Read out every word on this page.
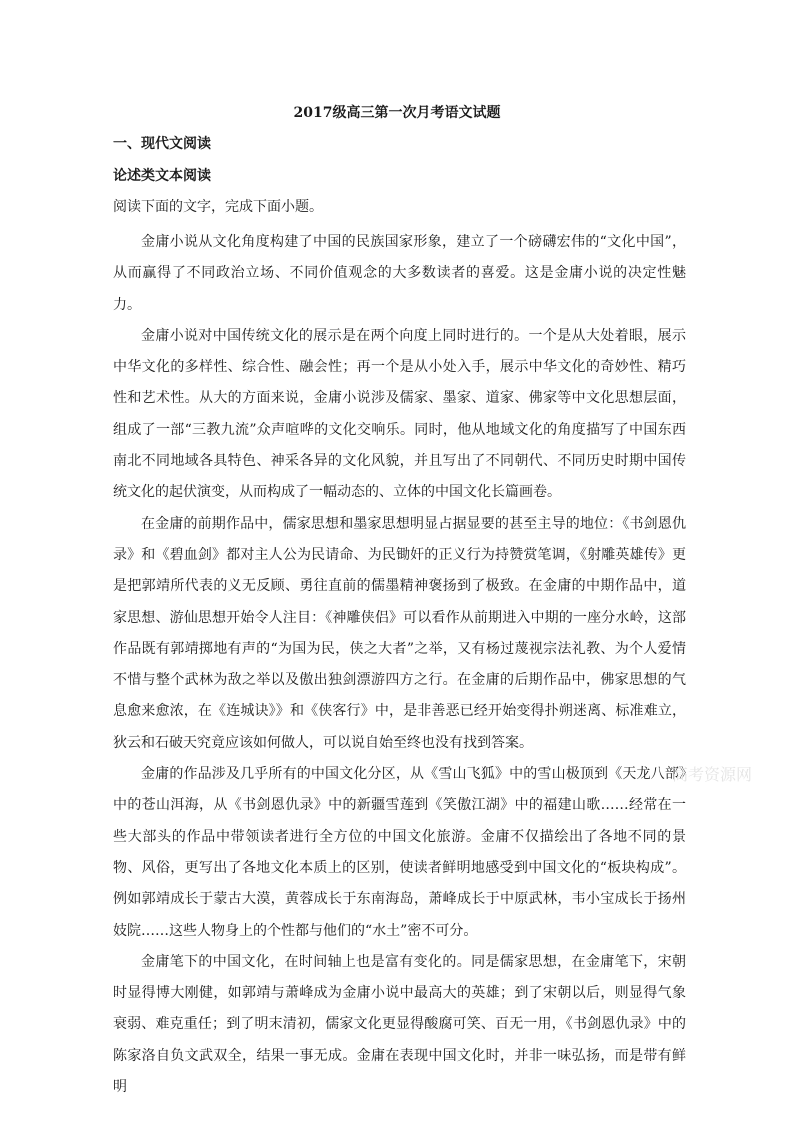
2017级高三第一次月考语文试题
一、现代文阅读
论述类文本阅读
阅读下面的文字，完成下面小题。

金庸小说从文化角度构建了中国的民族国家形象，建立了一个磅礴宏伟的“文化中国”，从而赢得了不同政治立场、不同价值观念的大多数读者的喜爱。这是金庸小说的决定性魅力。

金庸小说对中国传统文化的展示是在两个向度上同时进行的。一个是从大处着眼，展示中华文化的多样性、综合性、融会性；再一个是从小处入手，展示中华文化的奇妙性、精巧性和艺术性。从大的方面来说，金庸小说涉及儒家、墨家、道家、佛家等中文化思想层面，组成了一部“三教九流”众声喧哗的文化交响乐。同时，他从地域文化的角度描写了中国东西南北不同地域各具特色、神采各异的文化风貌，并且写出了不同朝代、不同历史时期中国传统文化的起伏演变，从而构成了一幅动态的、立体的中国文化长篇画卷。

在金庸的前期作品中，儒家思想和墨家思想明显占据显要的甚至主导的地位：《书剑恩仇录》和《碧血剑》都对主人公为民请命、为民锄奸的正义行为持赞赏笔调，《射雕英雄传》更是把郭靖所代表的义无反顾、勇往直前的儒墨精神褒扬到了极致。在金庸的中期作品中，道家思想、游仙思想开始令人注目：《神雕侠侣》可以看作从前期进入中期的一座分水岭，这部作品既有郭靖掷地有声的“为国为民，侠之大者”之举，又有杨过蔑视宗法礼教、为个人爱情不惜与整个武林为敌之举以及傲出独剑漂游四方之行。在金庸的后期作品中，佛家思想的气息愈来愈浓，在《连城诀》》和《侠客行》中，是非善恶已经开始变得扑朔迷离、标准难立，狄云和石破天究竟应该如何做人，可以说自始至终也没有找到答案。

金庸的作品涉及几乎所有的中国文化分区，从《雪山飞狐》中的雪山极顶到《天龙八部》中的苍山洱海，从《书剑恩仇录》中的新疆雪莲到《笑傲江湖》中的福建山歌……经常在一些大部头的作品中带领读者进行全方位的中国文化旅游。金庸不仅描绘出了各地不同的景物、风俗，更写出了各地文化本质上的区别，使读者鲜明地感受到中国文化的“板块构成”。例如郭靖成长于蒙古大漠，黄蓉成长于东南海岛，萧峰成长于中原武林，韦小宝成长于扬州妓院……这些人物身上的个性都与他们的“水土”密不可分。

金庸笔下的中国文化，在时间轴上也是富有变化的。同是儒家思想，在金庸笔下，宋朝时显得博大刚健，如郭靖与萧峰成为金庸小说中最高大的英雄；到了宋朝以后，则显得气象衰弱、难克重任；到了明末清初，儒家文化更显得酸腐可笑、百无一用，《书剑恩仇录》中的陈家洛自负文武双全，结果一事无成。金庸在表现中国文化时，并非一味弘扬，而是带有鲜明

高考资源网
